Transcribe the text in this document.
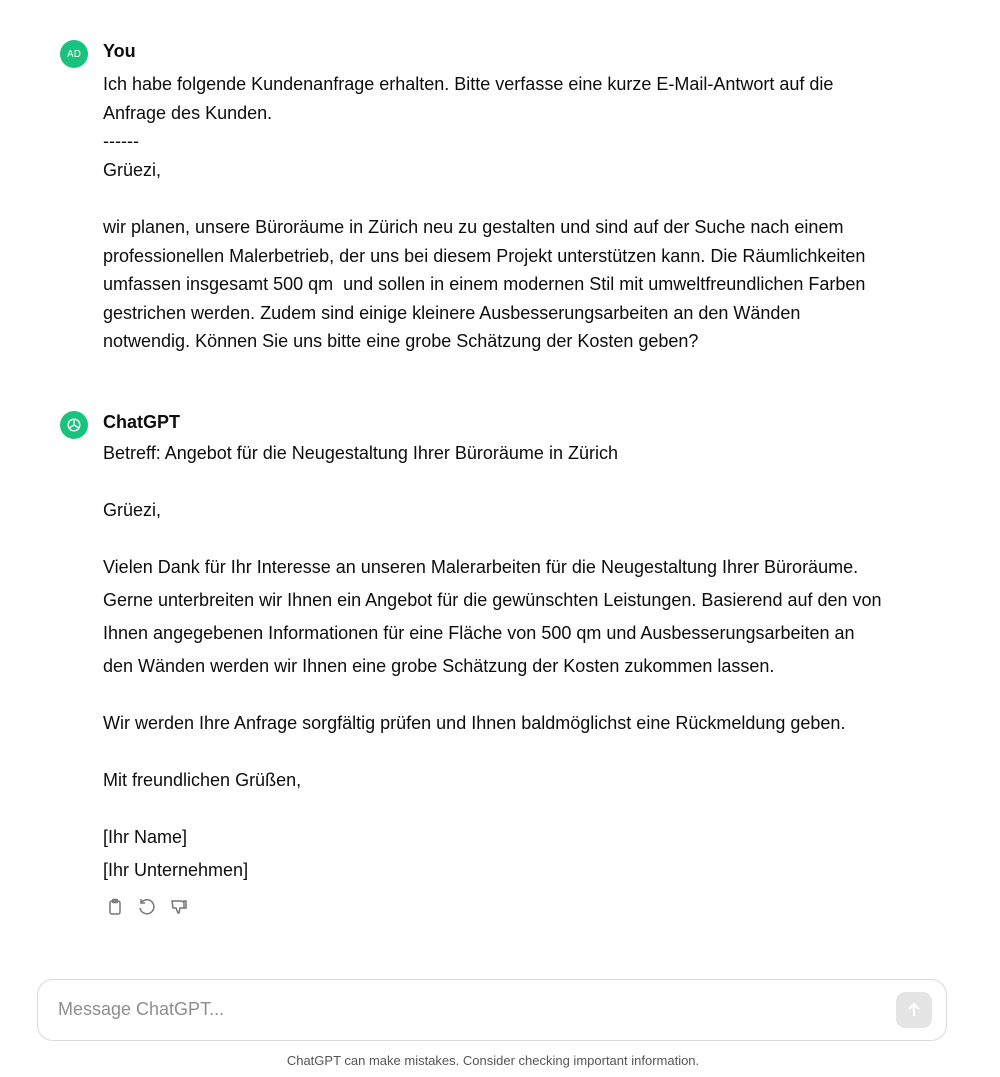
AD	You
Ich habe folgende Kundenanfrage erhalten. Bitte verfasse eine kurze E-Mail-Antwort auf die
Anfrage des Kunden.
------
Grüezi,
wir planen, unsere Büroräume in Zürich neu zu gestalten und sind auf der Suche nach einem
professionellen Malerbetrieb, der uns bei diesem Projekt unterstützen kann. Die Räumlichkeiten
umfassen insgesamt 500 qm  und sollen in einem modernen Stil mit umweltfreundlichen Farben
gestrichen werden. Zudem sind einige kleinere Ausbesserungsarbeiten an den Wänden
notwendig. Können Sie uns bitte eine grobe Schätzung der Kosten geben?
ChatGPT
Betreff: Angebot für die Neugestaltung Ihrer Büroräume in Zürich
Grüezi,
Vielen Dank für Ihr Interesse an unseren Malerarbeiten für die Neugestaltung Ihrer Büroräume.
Gerne unterbreiten wir Ihnen ein Angebot für die gewünschten Leistungen. Basierend auf den von
Ihnen angegebenen Informationen für eine Fläche von 500 qm und Ausbesserungsarbeiten an
den Wänden werden wir Ihnen eine grobe Schätzung der Kosten zukommen lassen.
Wir werden Ihre Anfrage sorgfältig prüfen und Ihnen baldmöglichst eine Rückmeldung geben.
Mit freundlichen Grüßen,
[Ihr Name]
[Ihr Unternehmen]
Message ChatGPT...
ChatGPT can make mistakes. Consider checking important information.
